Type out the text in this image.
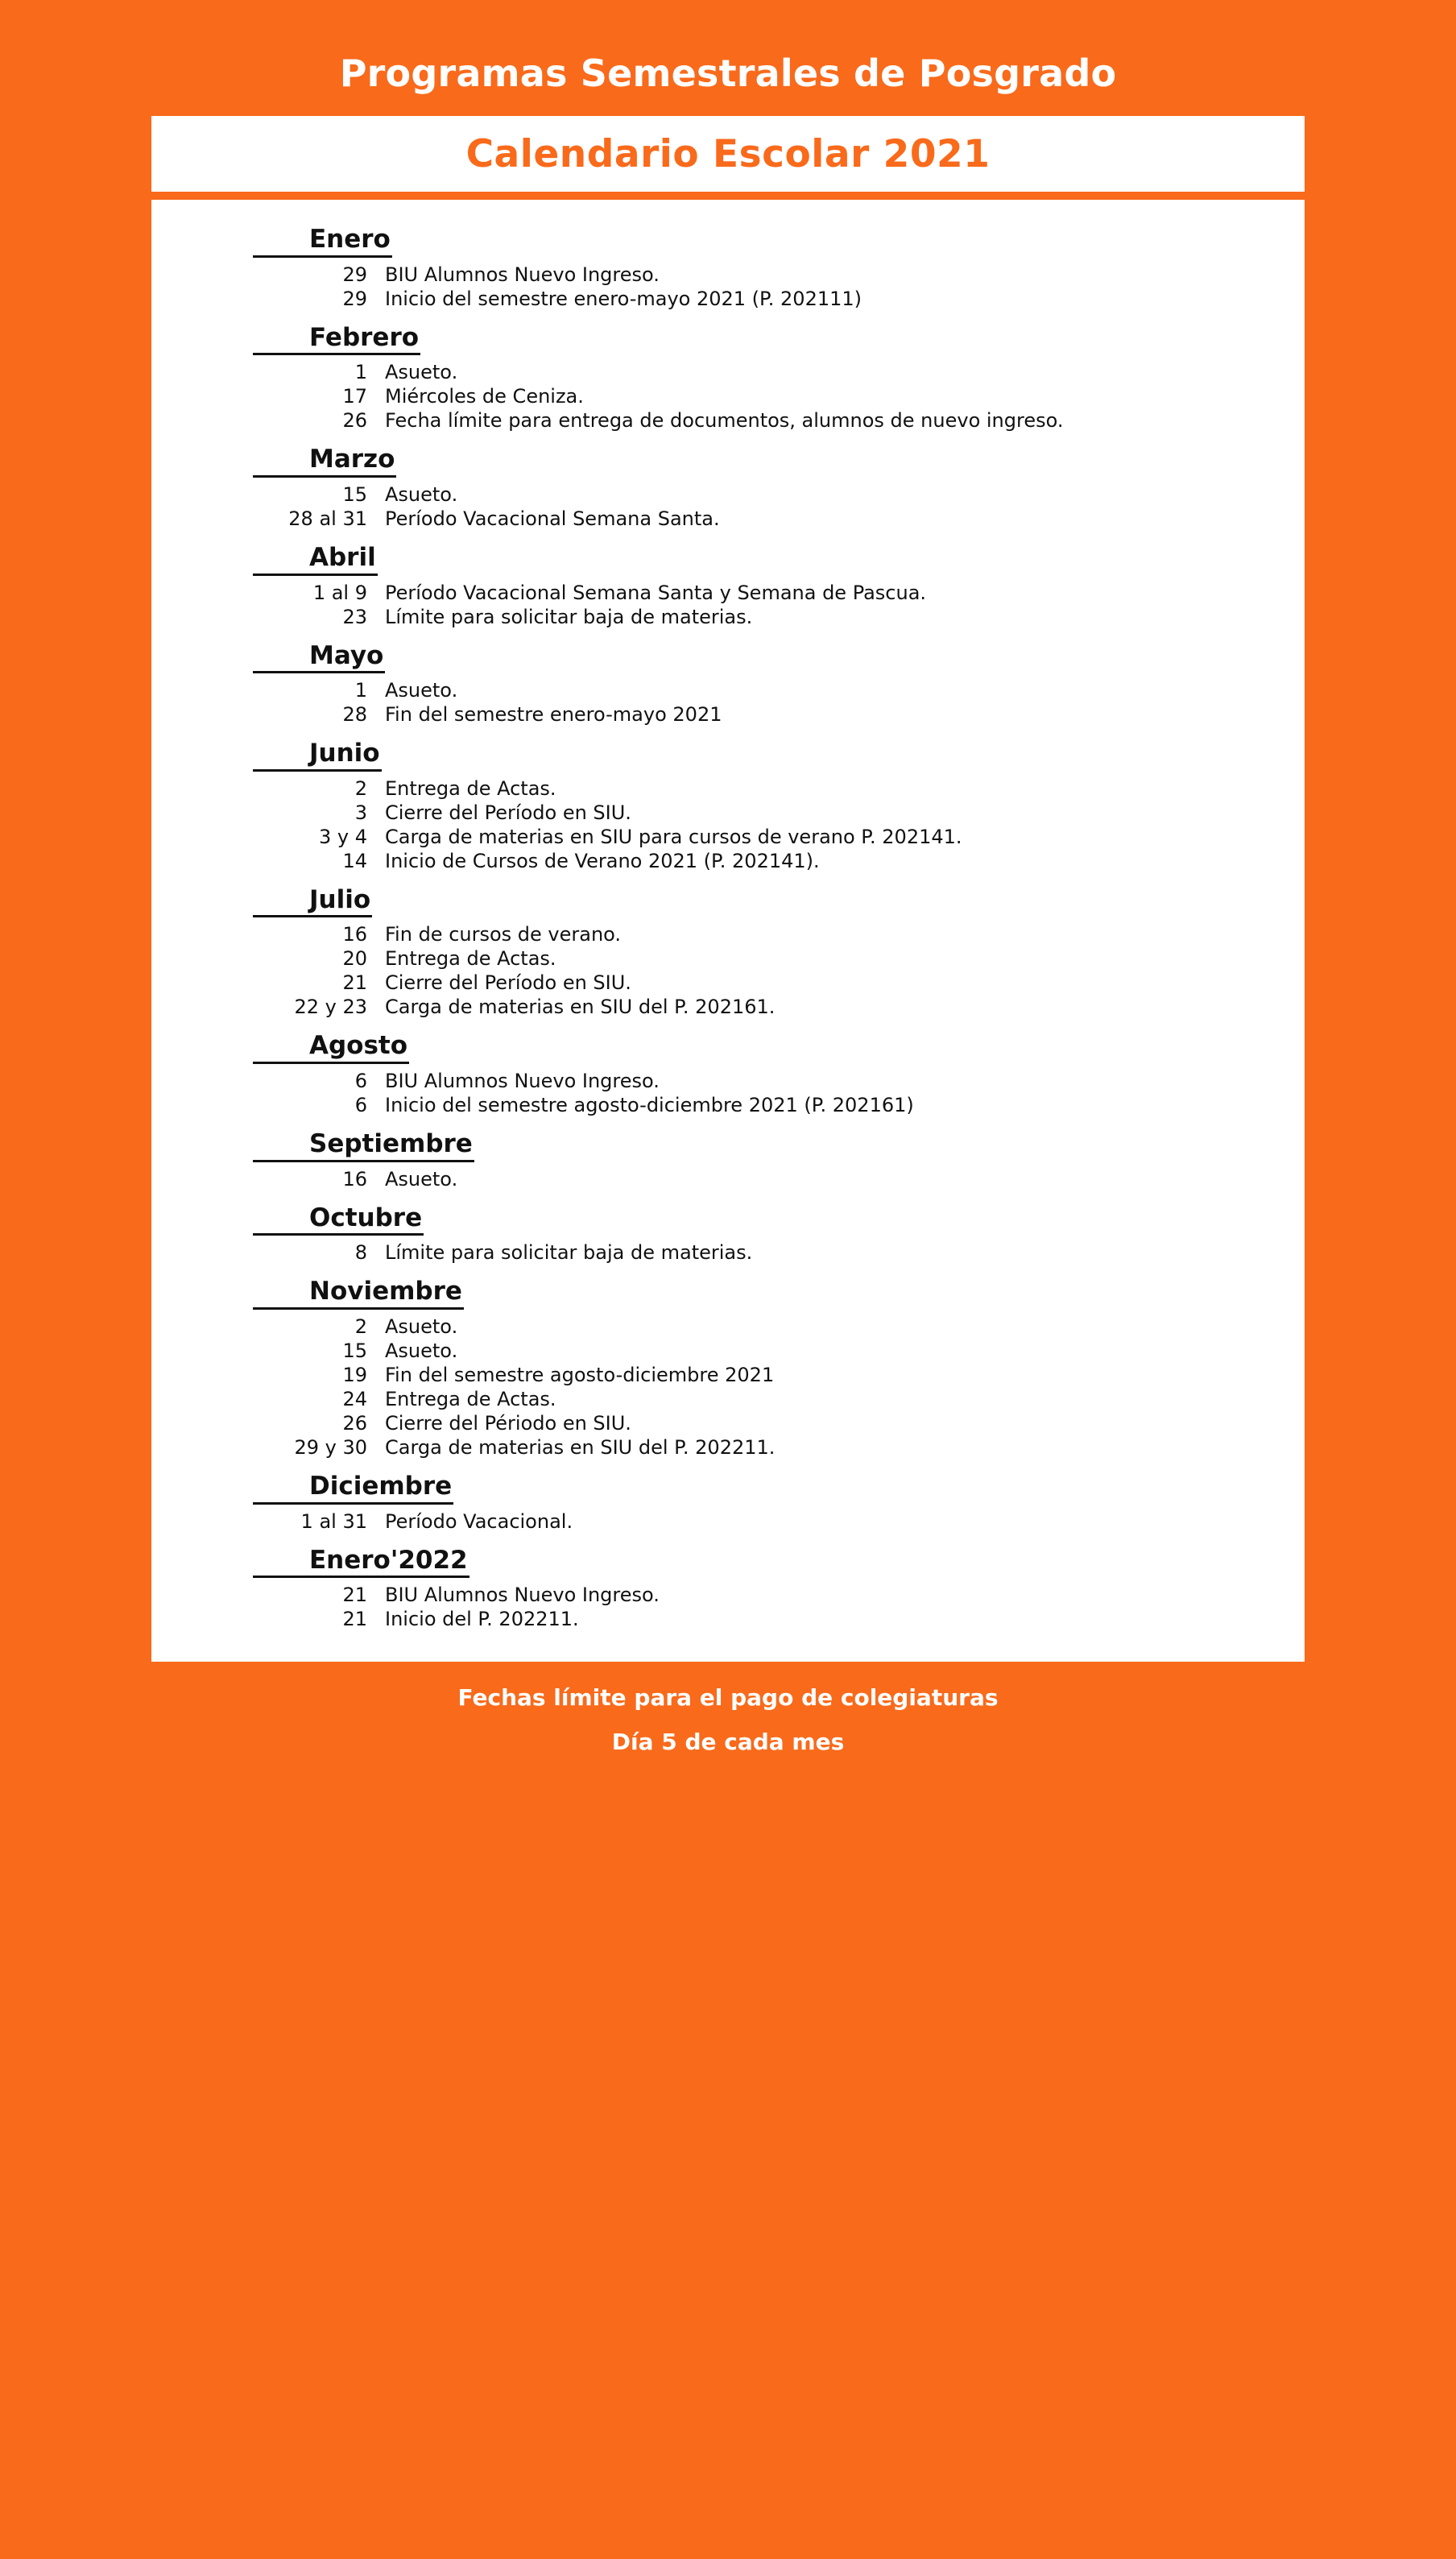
Programas Semestrales de Posgrado
Calendario Escolar 2021
Enero
29 BIU Alumnos Nuevo Ingreso.
29 Inicio del semestre enero-mayo 2021 (P. 202111)
Febrero
1 Asueto.
17 Miércoles de Ceniza.
26 Fecha límite para entrega de documentos, alumnos de nuevo ingreso.
Marzo
15 Asueto.
28 al 31 Período Vacacional Semana Santa.
Abril
1 al 9 Período Vacacional Semana Santa y Semana de Pascua.
23 Límite para solicitar baja de materias.
Mayo
1 Asueto.
28 Fin del semestre enero-mayo 2021
Junio
2 Entrega de Actas.
3 Cierre del Período en SIU.
3 y 4 Carga de materias en SIU para cursos de verano P. 202141.
14 Inicio de Cursos de Verano 2021 (P. 202141).
Julio
16 Fin de cursos de verano.
20 Entrega de Actas.
21 Cierre del Período en SIU.
22 y 23 Carga de materias en SIU del P. 202161.
Agosto
6 BIU Alumnos Nuevo Ingreso.
6 Inicio del semestre agosto-diciembre 2021 (P. 202161)
Septiembre
16 Asueto.
Octubre
8 Límite para solicitar baja de materias.
Noviembre
2 Asueto.
15 Asueto.
19 Fin del semestre agosto-diciembre 2021
24 Entrega de Actas.
26 Cierre del Périodo en SIU.
29 y 30 Carga de materias en SIU del P. 202211.
Diciembre
1 al 31 Período Vacacional.
Enero'2022
21 BIU Alumnos Nuevo Ingreso.
21 Inicio del P. 202211.
Fechas límite para el pago de colegiaturas
Día 5 de cada mes
